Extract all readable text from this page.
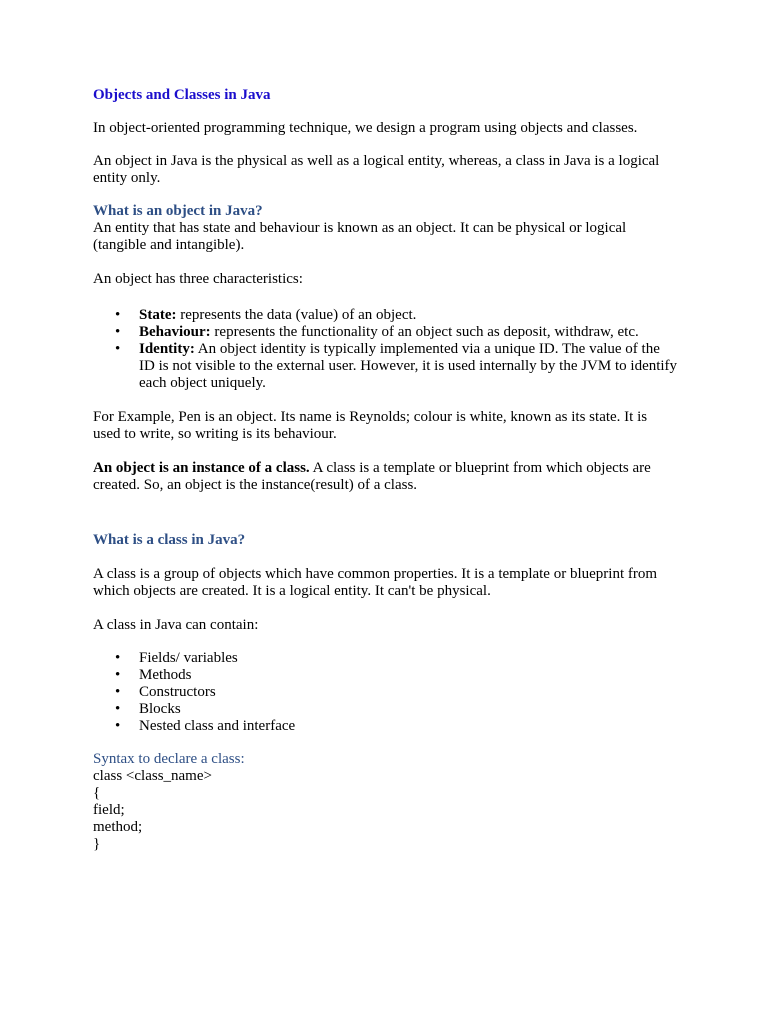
Objects and Classes in Java

In object-oriented programming technique, we design a program using objects and classes.

An object in Java is the physical as well as a logical entity, whereas, a class in Java is a logical entity only.

What is an object in Java?

An entity that has state and behaviour is known as an object. It can be physical or logical (tangible and intangible).

An object has three characteristics:

• State: represents the data (value) of an object.
• Behaviour: represents the functionality of an object such as deposit, withdraw, etc.
• Identity: An object identity is typically implemented via a unique ID. The value of the ID is not visible to the external user. However, it is used internally by the JVM to identify each object uniquely.

For Example, Pen is an object. Its name is Reynolds; colour is white, known as its state. It is used to write, so writing is its behaviour.

An object is an instance of a class. A class is a template or blueprint from which objects are created. So, an object is the instance(result) of a class.

What is a class in Java?

A class is a group of objects which have common properties. It is a template or blueprint from which objects are created. It is a logical entity. It can't be physical.

A class in Java can contain:

• Fields/ variables
• Methods
• Constructors
• Blocks
• Nested class and interface

Syntax to declare a class:

class <class_name>
{
field;
method;
}
